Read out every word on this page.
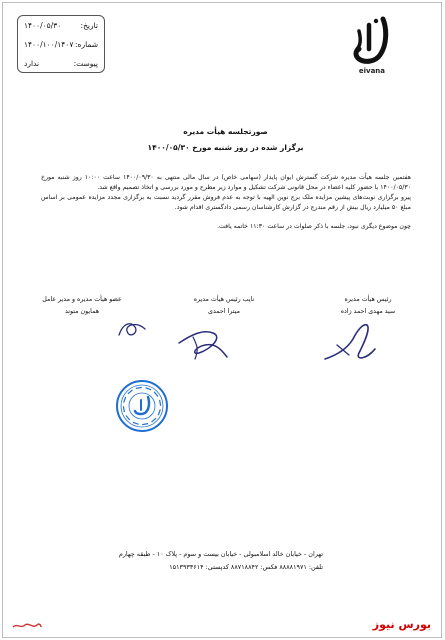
تاریخ:
۱۴۰۰/۰۵/۳۰
شماره:
۱۴۰۰/۱۰۰/۱۴۰۷
پیوست:
ندارد
eivana
صورتجلسه هیأت مدیره
برگزار شده در روز شنبه مورخ ۱۴۰۰/۰۵/۳۰
هفتمین جلسه هیأت مدیره شرکت گسترش ایوان پایدار (سهامی خاص) در سال مالی منتهی به ۱۴۰۰/۰۹/۳۰ ساعت ۱۰:۰۰ روز شنبه مورخ ۱۴۰۰/۰۵/۳۰ با حضور کلیه اعضاء در محل قانونی شرکت تشکیل و موارد زیر مطرح و مورد بررسی و اتخاذ تصمیم واقع شد.
پیرو برگزاری نوبت‌های پیشین مزایده ملک برج نوین الهیه با توجه به عدم فروش مقرر گردید نسبت به برگزاری مجدد مزایده عمومی بر اساس مبلغ ۵۰ میلیارد ریال بیش از رقم مندرج در گزارش کارشناسان رسمی دادگستری اقدام شود.
چون موضوع دیگری نبود، جلسه با ذکر صلوات در ساعت ۱۱:۳۰ خاتمه یافت.
رئیس هیأت مدیره
سید مهدی احمد زاده
نایب رئیس هیأت مدیره
میترا احمدی
عضو هیأت مدیره و مدیر عامل
همایون متوند
تهران - خیابان خالد اسلامبولی - خیابان بیست و سوم - پلاک ۱۰ - طبقه چهارم
تلفن: ۸۸۸۸۱۹۷۱ فکس: ۸۸۷۱۸۸۴۲ کدپستی: ۱۵۱۳۹۳۳۶۱۴
بورس نیوز
